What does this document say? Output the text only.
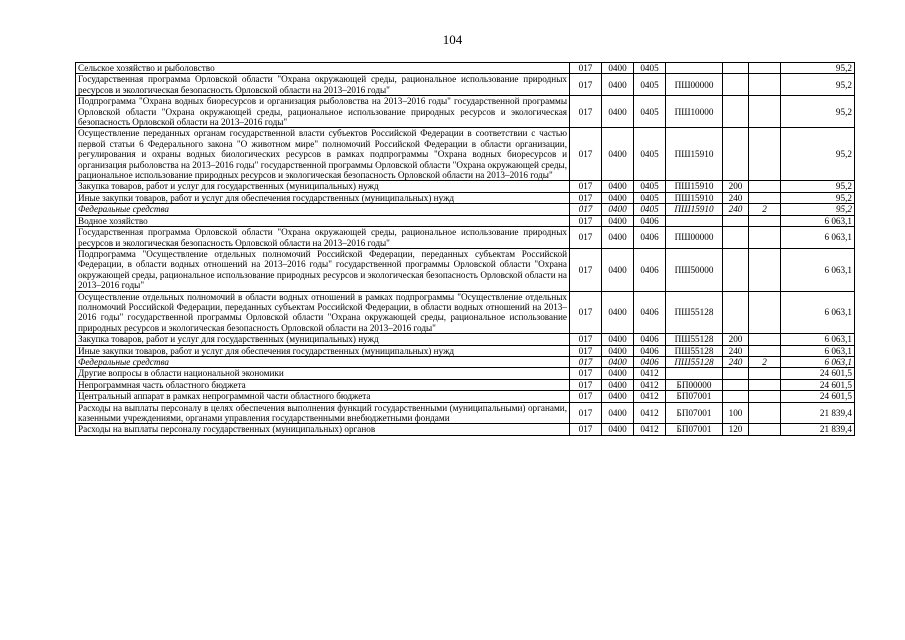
104
Сельское хозяйство и рыболовство	017	0400	0405				95,2
Государственная программа Орловской области "Охрана окружающей среды, рациональное использование природных ресурсов и экологическая безопасность Орловской области на 2013–2016 годы"	017	0400	0405	ПШ00000			95,2
Подпрограмма "Охрана водных биоресурсов и организация рыболовства на 2013–2016 годы" государственной программы Орловской области "Охрана окружающей среды, рациональное использование природных ресурсов и экологическая безопасность Орловской области на 2013–2016 годы"	017	0400	0405	ПШ10000			95,2
Осуществление переданных органам государственной власти субъектов Российской Федерации в соответствии с частью первой статьи 6 Федерального закона "О животном мире" полномочий Российской Федерации в области организации, регулирования и охраны водных биологических ресурсов в рамках подпрограммы "Охрана водных биоресурсов и организация рыболовства на 2013–2016 годы" государственной программы Орловской области "Охрана окружающей среды, рациональное использование природных ресурсов и экологическая безопасность Орловской области на 2013–2016 годы"	017	0400	0405	ПШ15910			95,2
Закупка товаров, работ и услуг для государственных (муниципальных) нужд	017	0400	0405	ПШ15910	200		95,2
Иные закупки товаров, работ и услуг для обеспечения государственных (муниципальных) нужд	017	0400	0405	ПШ15910	240		95,2
Федеральные средства	017	0400	0405	ПШ15910	240	2	95,2
Водное хозяйство	017	0400	0406				6 063,1
Государственная программа Орловской области "Охрана окружающей среды, рациональное использование природных ресурсов и экологическая безопасность Орловской области на 2013–2016 годы"	017	0400	0406	ПШ00000			6 063,1
Подпрограмма "Осуществление отдельных полномочий Российской Федерации, переданных субъектам Российской Федерации, в области водных отношений на 2013–2016 годы" государственной программы Орловской области "Охрана окружающей среды, рациональное использование природных ресурсов и экологическая безопасность Орловской области на 2013–2016 годы"	017	0400	0406	ПШ50000			6 063,1
Осуществление отдельных полномочий в области водных отношений в рамках подпрограммы "Осуществление отдельных полномочий Российской Федерации, переданных субъектам Российской Федерации, в области водных отношений на 2013–2016 годы" государственной программы Орловской области "Охрана окружающей среды, рациональное использование природных ресурсов и экологическая безопасность Орловской области на 2013–2016 годы"	017	0400	0406	ПШ55128			6 063,1
Закупка товаров, работ и услуг для государственных (муниципальных) нужд	017	0400	0406	ПШ55128	200		6 063,1
Иные закупки товаров, работ и услуг для обеспечения государственных (муниципальных) нужд	017	0400	0406	ПШ55128	240		6 063,1
Федеральные средства	017	0400	0406	ПШ55128	240	2	6 063,1
Другие вопросы в области национальной экономики	017	0400	0412				24 601,5
Непрограммная часть областного бюджета	017	0400	0412	БП00000			24 601,5
Центральный аппарат в рамках непрограммной части областного бюджета	017	0400	0412	БП07001			24 601,5
Расходы на выплаты персоналу в целях обеспечения выполнения функций государственными (муниципальными) органами, казенными учреждениями, органами управления государственными внебюджетными фондами	017	0400	0412	БП07001	100		21 839,4
Расходы на выплаты персоналу государственных (муниципальных) органов	017	0400	0412	БП07001	120		21 839,4
